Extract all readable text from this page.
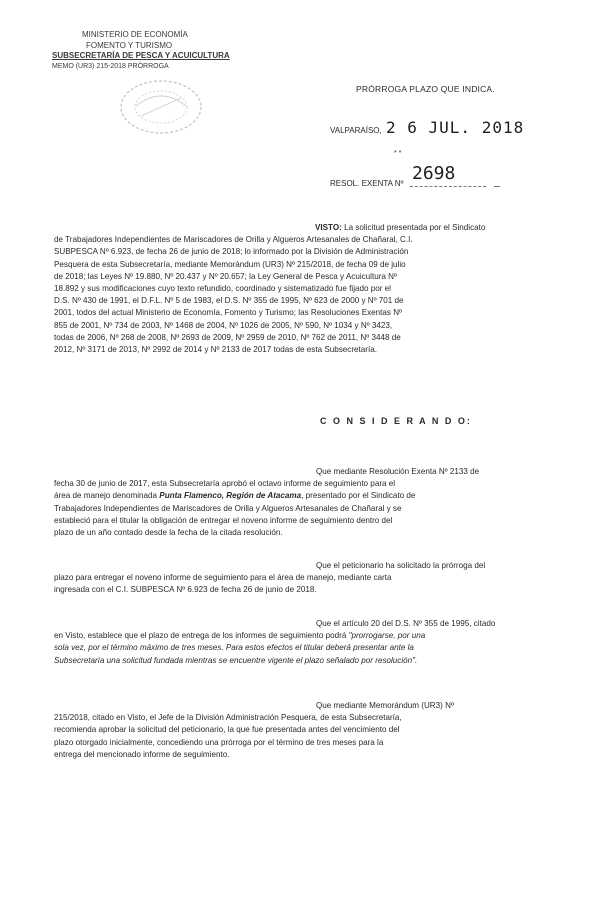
MINISTERIO DE ECONOMÍA
FOMENTO Y TURISMO
SUBSECRETARÍA DE PESCA Y ACUICULTURA
MEMO (UR3) 215-2018 PRÓRROGA
PRÓRROGA PLAZO QUE INDICA.
VALPARAÍSO, 2 6 JUL. 2018
* *
RESOL. EXENTA Nº 2698
VISTO: La solicitud presentada por el Sindicato
de Trabajadores Independientes de Mariscadores de Orilla y Algueros Artesanales de Chañaral, C.I.
SUBPESCA Nº 6.923, de fecha 26 de junio de 2018; lo informado por la División de Administración
Pesquera de esta Subsecretaría, mediante Memorándum (UR3) Nº 215/2018, de fecha 09 de julio
de 2018; las Leyes Nº 19.880, Nº 20.437 y Nº 20.657; la Ley General de Pesca y Acuicultura Nº
18.892 y sus modificaciones cuyo texto refundido, coordinado y sistematizado fue fijado por el
D.S. Nº 430 de 1991, el D.F.L. Nº 5 de 1983, el D.S. Nº 355 de 1995, Nº 623 de 2000 y Nº 701 de
2001, todos del actual Ministerio de Economía, Fomento y Turismo; las Resoluciones Exentas Nº
855 de 2001, Nº 734 de 2003, Nº 1468 de 2004, Nº 1026 de 2005, Nº 590, Nº 1034 y Nº 3423,
todas de 2006, Nº 268 de 2008, Nº 2693 de 2009, Nº 2959 de 2010, Nº 762 de 2011, Nº 3448 de
2012, Nº 3171 de 2013, Nº 2992 de 2014 y Nº 2133 de 2017 todas de esta Subsecretaría.
C O N S I D E R A N D O:
Que mediante Resolución Exenta Nº 2133 de
fecha 30 de junio de 2017, esta Subsecretaría aprobó el octavo informe de seguimiento para el
área de manejo denominada Punta Flamenco, Región de Atacama, presentado por el Sindicato de
Trabajadores Independientes de Mariscadores de Orilla y Algueros Artesanales de Chañaral y se
estableció para el titular la obligación de entregar el noveno informe de seguimiento dentro del
plazo de un año contado desde la fecha de la citada resolución.
Que el peticionario ha solicitado la prórroga del
plazo para entregar el noveno informe de seguimiento para el área de manejo, mediante carta
ingresada con el C.I. SUBPESCA Nº 6.923 de fecha 26 de junio de 2018.
Que el artículo 20 del D.S. Nº 355 de 1995, citado
en Visto, establece que el plazo de entrega de los informes de seguimiento podrá "prorrogarse, por una
sola vez, por el término máximo de tres meses. Para estos efectos el titular deberá presentar ante la
Subsecretaría una solicitud fundada mientras se encuentre vigente el plazo señalado por resolución".
Que mediante Memorándum (UR3) Nº
215/2018, citado en Visto, el Jefe de la División Administración Pesquera, de esta Subsecretaría,
recomienda aprobar la solicitud del peticionario, la que fue presentada antes del vencimiento del
plazo otorgado inicialmente, concediendo una prórroga por el término de tres meses para la
entrega del mencionado informe de seguimiento.
